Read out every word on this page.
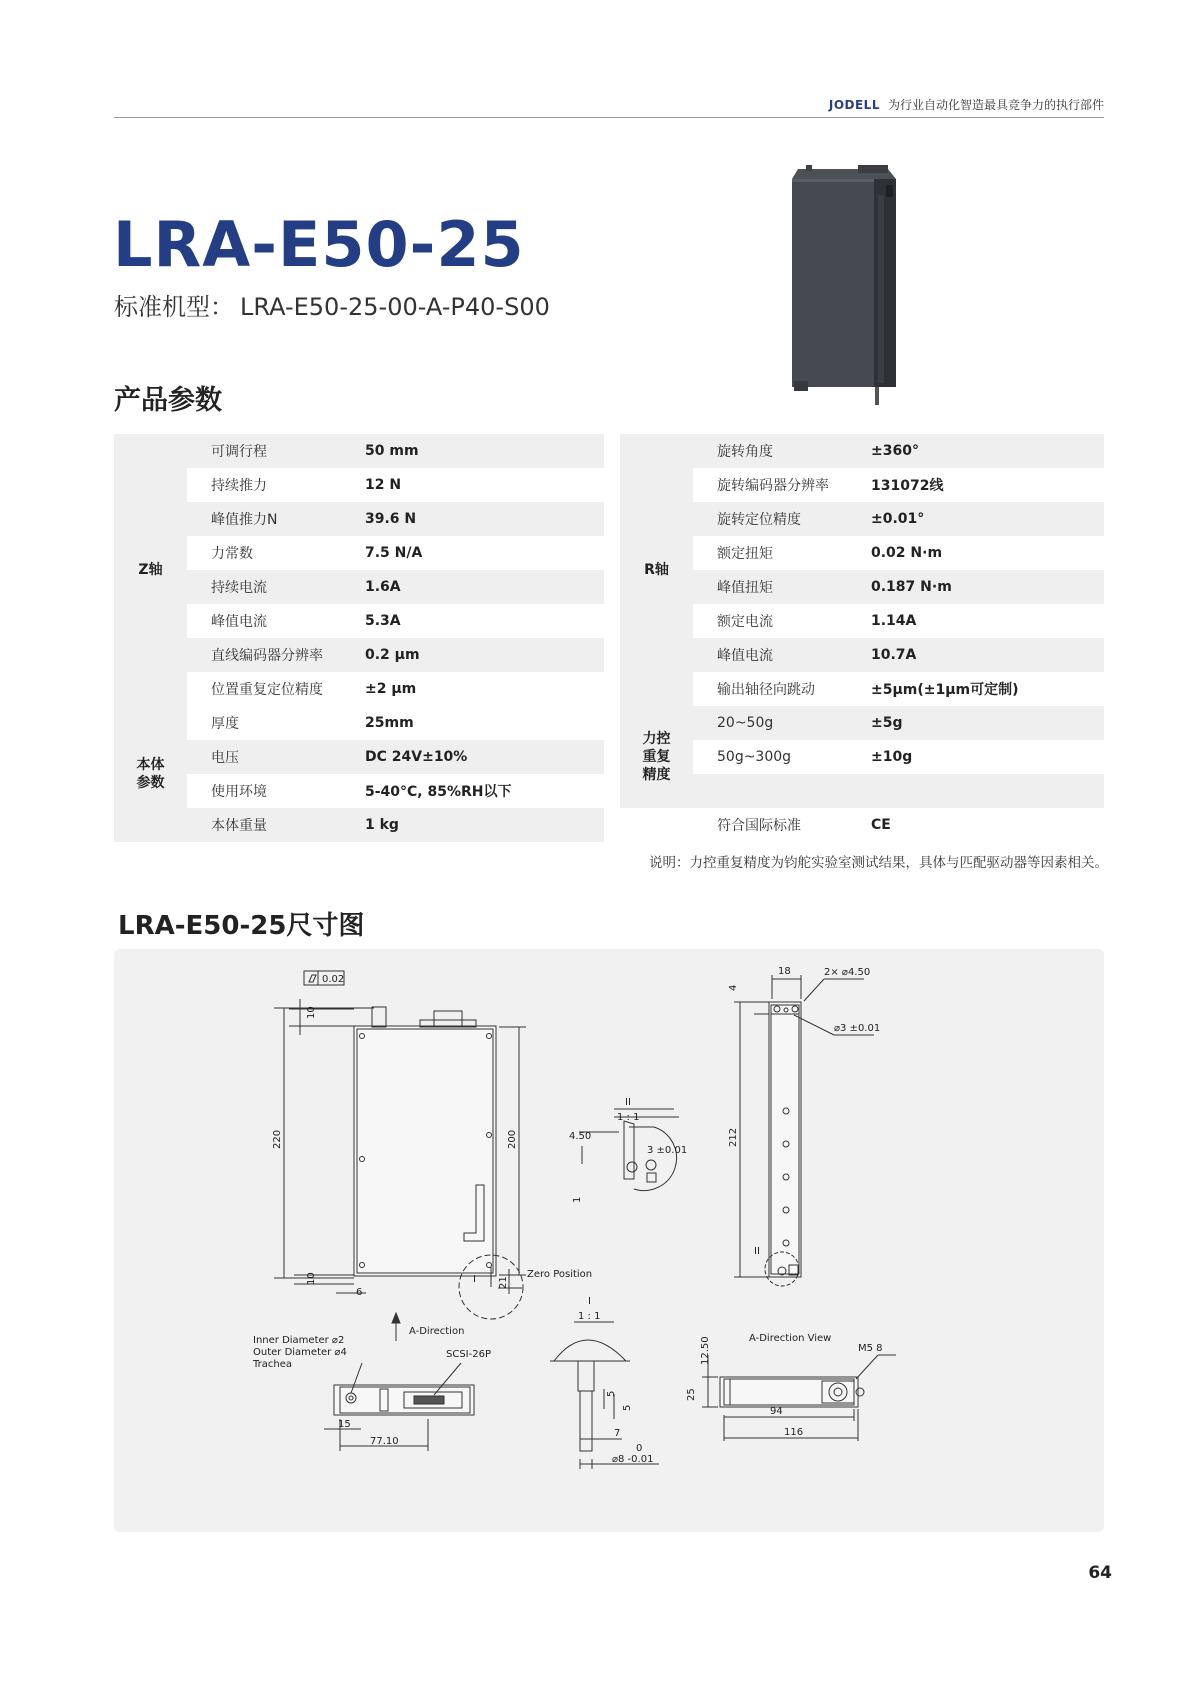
JODELL 为行业自动化智造最具竞争力的执行部件
LRA-E50-25
标准机型： LRA-E50-25-00-A-P40-S00
产品参数
Z轴
本体
参数
可调行程	50 mm
持续推力	12 N
峰值推力N	39.6 N
力常数	7.5 N/A
持续电流	1.6A
峰值电流	5.3A
直线编码器分辨率	0.2 μm
位置重复定位精度	±2 μm
厚度	25mm
电压	DC 24V±10%
使用环境	5-40°C, 85%RH以下
本体重量	1 kg
R轴
力控
重复
精度
旋转角度	±360°
旋转编码器分辨率	131072线
旋转定位精度	±0.01°
额定扭矩	0.02 N·m
峰值扭矩	0.187 N·m
额定电流	1.14A
峰值电流	10.7A
输出轴径向跳动	±5μm(±1μm可定制)
20~50g	±5g
50g~300g	±10g
符合国际标准	CE
说明：力控重复精度为钧舵实验室测试结果，具体与匹配驱动器等因素相关。
LRA-E50-25尺寸图
0.02
10
220	200
10
6
21
I	Zero Position
A-Direction
II
1 : 1
4.50
3 ±0.01
1
18
4
2× ⌀4.50
⌀3 ±0.01
212
II
Inner Diameter ⌀2
Outer Diameter ⌀4
Trachea
SCSI-26P
15
77.10
I
1 : 1
5
5
7
0
⌀8 -0.01
A-Direction View
M5 8
12.50
25
94
116
64
